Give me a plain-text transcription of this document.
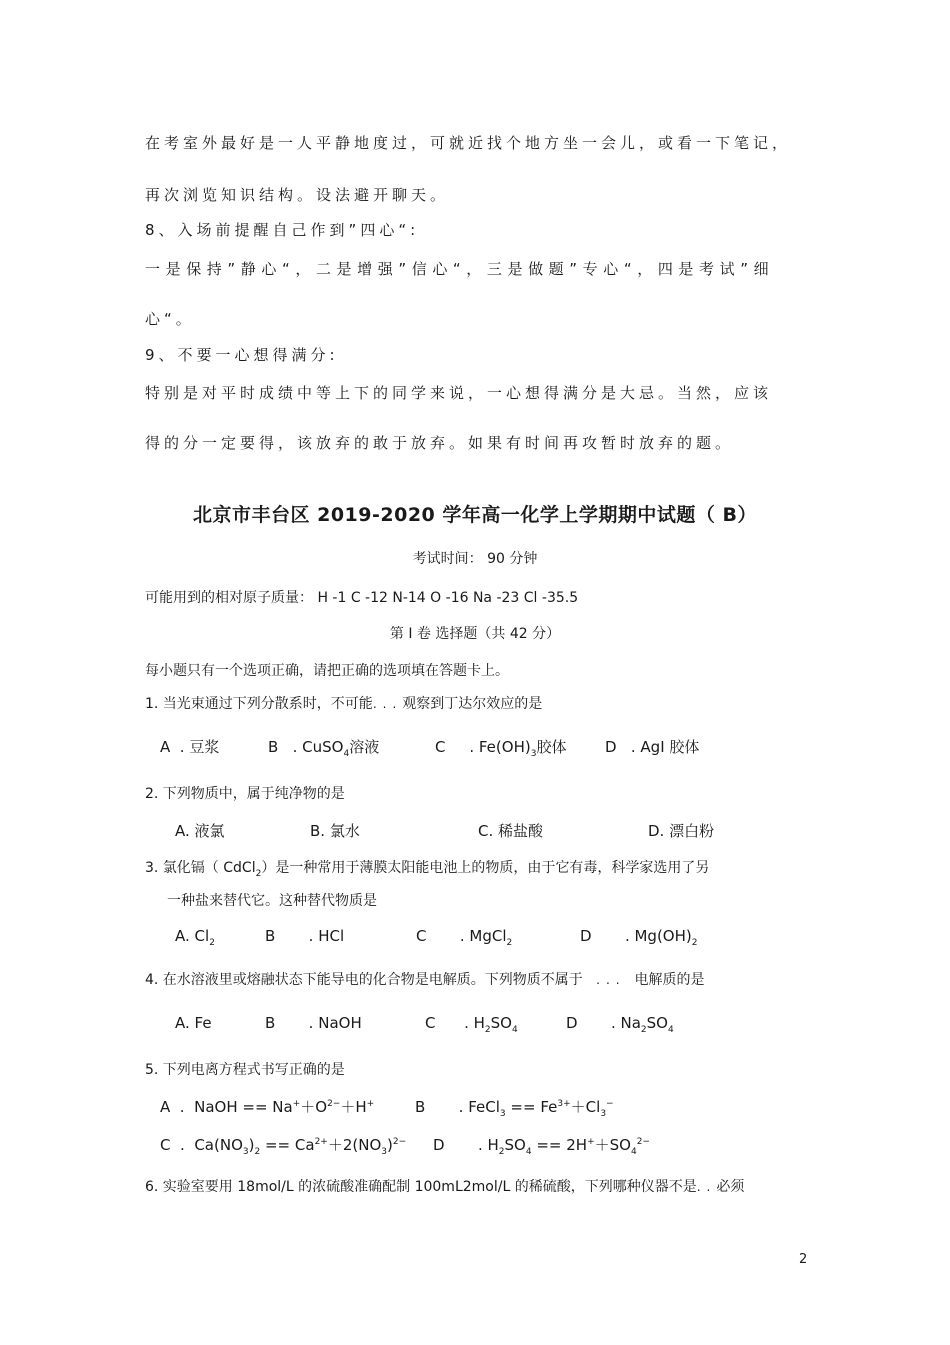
在考室外最好是一人平静地度过，可就近找个地方坐一会儿，或看一下笔记，
再次浏览知识结构。设法避开聊天。
8、入场前提醒自己作到”四心“:
一是保持”静心“，二是增强”信心“，三是做题”专心“，四是考试”细
心“。
9、不要一心想得满分:
特别是对平时成绩中等上下的同学来说，一心想得满分是大忌。当然，应该
得的分一定要得，该放弃的敢于放弃。如果有时间再攻暂时放弃的题。
北京市丰台区 2019-2020 学年高一化学上学期期中试题（ B）
考试时间： 90 分钟
可能用到的相对原子质量： H -1 C -12 N-14 O -16 Na -23 Cl -35.5
第 I 卷 选择题（共 42 分）
每小题只有一个选项正确，请把正确的选项填在答题卡上。
1. 当光束通过下列分散系时，不可能...观察到丁达尔效应的是
A  . 豆浆	B   . CuSO$_4$溶液	C     . $Fe(OH)_3$胶体	D   . AgI 胶体
2. 下列物质中，属于纯净物的是
A. 液氯	B. 氯水	C. 稀盐酸	D. 漂白粉
3. 氯化镉（ CdCl$_2$）是一种常用于薄膜太阳能电池上的物质，由于它有毒，科学家选用了另
一种盐来替代它。这种替代物质是
A. $Cl_2$	B       . HCl	C       . MgCl$_2$	D       . $Mg(OH)_2$
4. 在水溶液里或熔融状态下能导电的化合物是电解质。下列物质不属于 ... 电解质的是
A. Fe	B       . NaOH	C      . $H_2SO_4$	D       . $Na_2SO_4$
5. 下列电离方程式书写正确的是
A  .  NaOH == $Na^++O^{2-}+H^+$	B       . FeCl$_3$ == $Fe^{3+}+Cl_3^-$
C  .  $Ca(NO_3)_2 == Ca^{2+}+2(NO_3)^{2-}$ D       . $H_2SO_4 == 2H^++SO_4^{2-}$
6. 实验室要用 18mol/L 的浓硫酸准确配制 100mL2mol/L 的稀硫酸，下列哪种仪器不是..必须
2
